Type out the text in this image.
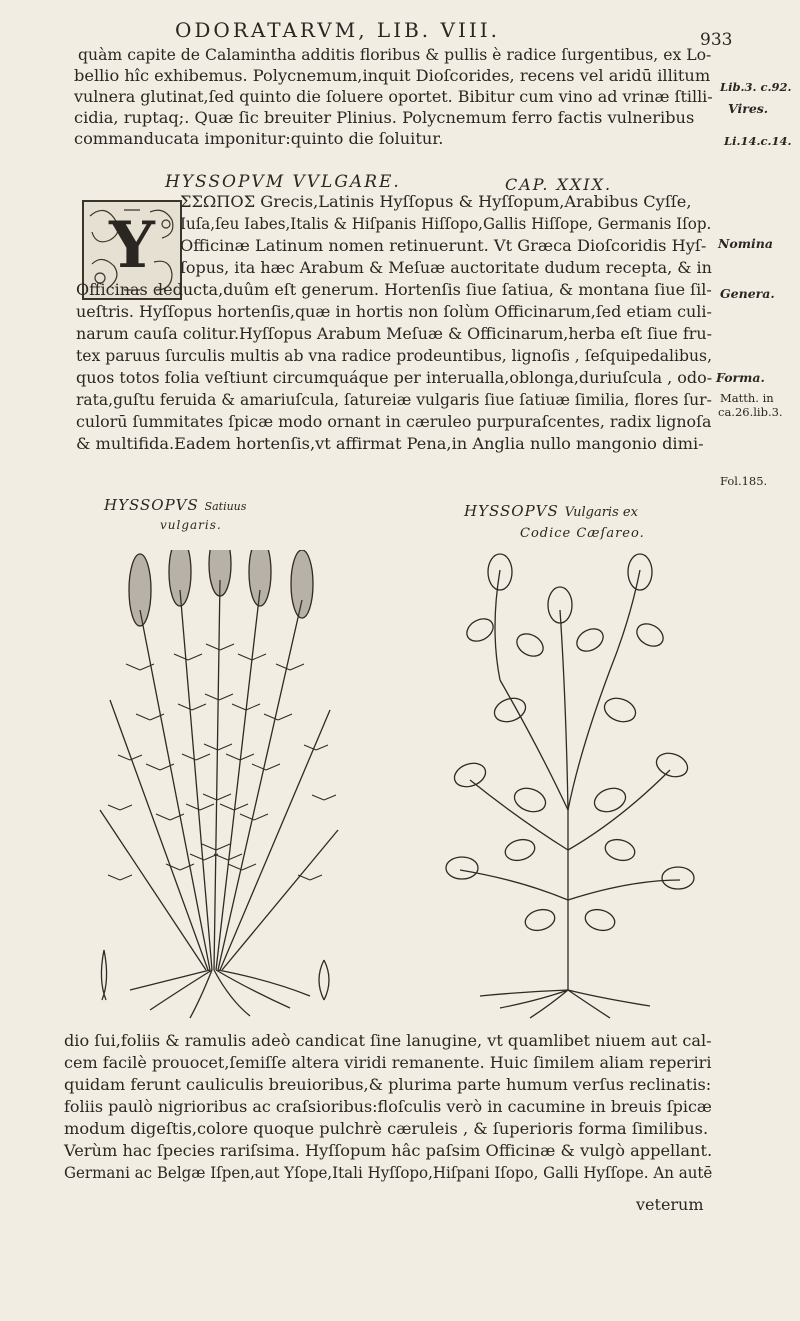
ODORATARVM, LIB. VIII.	933
quàm capite de Calamintha additis floribus & pullis è radice ſurgentibus, ex Lo-
bellio hîc exhibemus. Polycnemum,inquit Dioſcorides, recens vel aridū illitum
vulnera glutinat,ſed quinto die ſoluere oportet. Bibitur cum vino ad vrinæ ſtilli-
cidia, ruptaq;. Quæ ſic breuiter Plinius. Polycnemum ferro factis vulneribus
commanducata imponitur:quinto die ſoluitur.
Lib.3. c.92.
Vires.
Li.14.c.14.
Nomina
Genera.
Forma.
Matth. in
ca.26.lib.3.
Fol.185.
HYSSOPVM VVLGARE.	CAP. XXIX.
Y
ΣΣΩΠΟΣ Grecis,Latinis Hyſſopus & Hyſſopum,Arabibus Cyſſe,
Iuſa,ſeu Iabes,Italis & Hiſpanis Hiſſopo,Gallis Hiſſope, Germanis Iſop.
Officinæ Latinum nomen retinuerunt. Vt Græca Dioſcoridis Hyſ-
ſopus, ita hæc Arabum & Meſuæ auctoritate dudum recepta, & in
Officinas deducta,duûm eſt generum. Hortenſis ſiue ſatiua, & montana ſiue ſil-
ueſtris. Hyſſopus hortenſis,quæ in hortis non ſolùm Officinarum,ſed etiam culi-
narum cauſa colitur.Hyſſopus Arabum Meſuæ & Officinarum,herba eſt ſiue fru-
tex paruus ſurculis multis ab vna radice prodeuntibus, lignoſis , ſeſquipedalibus,
quos totos folia veſtiunt circumquáque per interualla,oblonga,duriuſcula , odo-
rata,guſtu feruida & amariuſcula, ſatureiæ vulgaris ſiue ſatiuæ ſimilia, flores ſur-
culorū ſummitates ſpicæ modo ornant in cæruleo purpuraſcentes, radix lignoſa
& multifida.Eadem hortenſis,vt affirmat Pena,in Anglia nullo mangonio dimi-
HYSSOPVS Satiuus
vulgaris.
HYSSOPVS Vulgaris ex
Codice Cæſareo.
dio ſui,foliis & ramulis adeò candicat ſine lanugine, vt quamlibet niuem aut cal-
cem facilè prouocet,ſemiſſe altera viridi remanente. Huic ſimilem aliam reperiri
quidam ferunt cauliculis breuioribus,& plurima parte humum verſus reclinatis:
foliis paulò nigrioribus ac craſsioribus:floſculis verò in cacumine in breuis ſpicæ
modum digeſtis,colore quoque pulchrè cæruleis , & ſuperioris forma ſimilibus.
Verùm hac ſpecies rariſsima. Hyſſopum hâc paſsim Officinæ & vulgò appellant.
Germani ac Belgæ Iſpen,aut Yſope,Itali Hyſſopo,Hiſpani Iſopo, Galli Hyſſope. An autē
veterum
